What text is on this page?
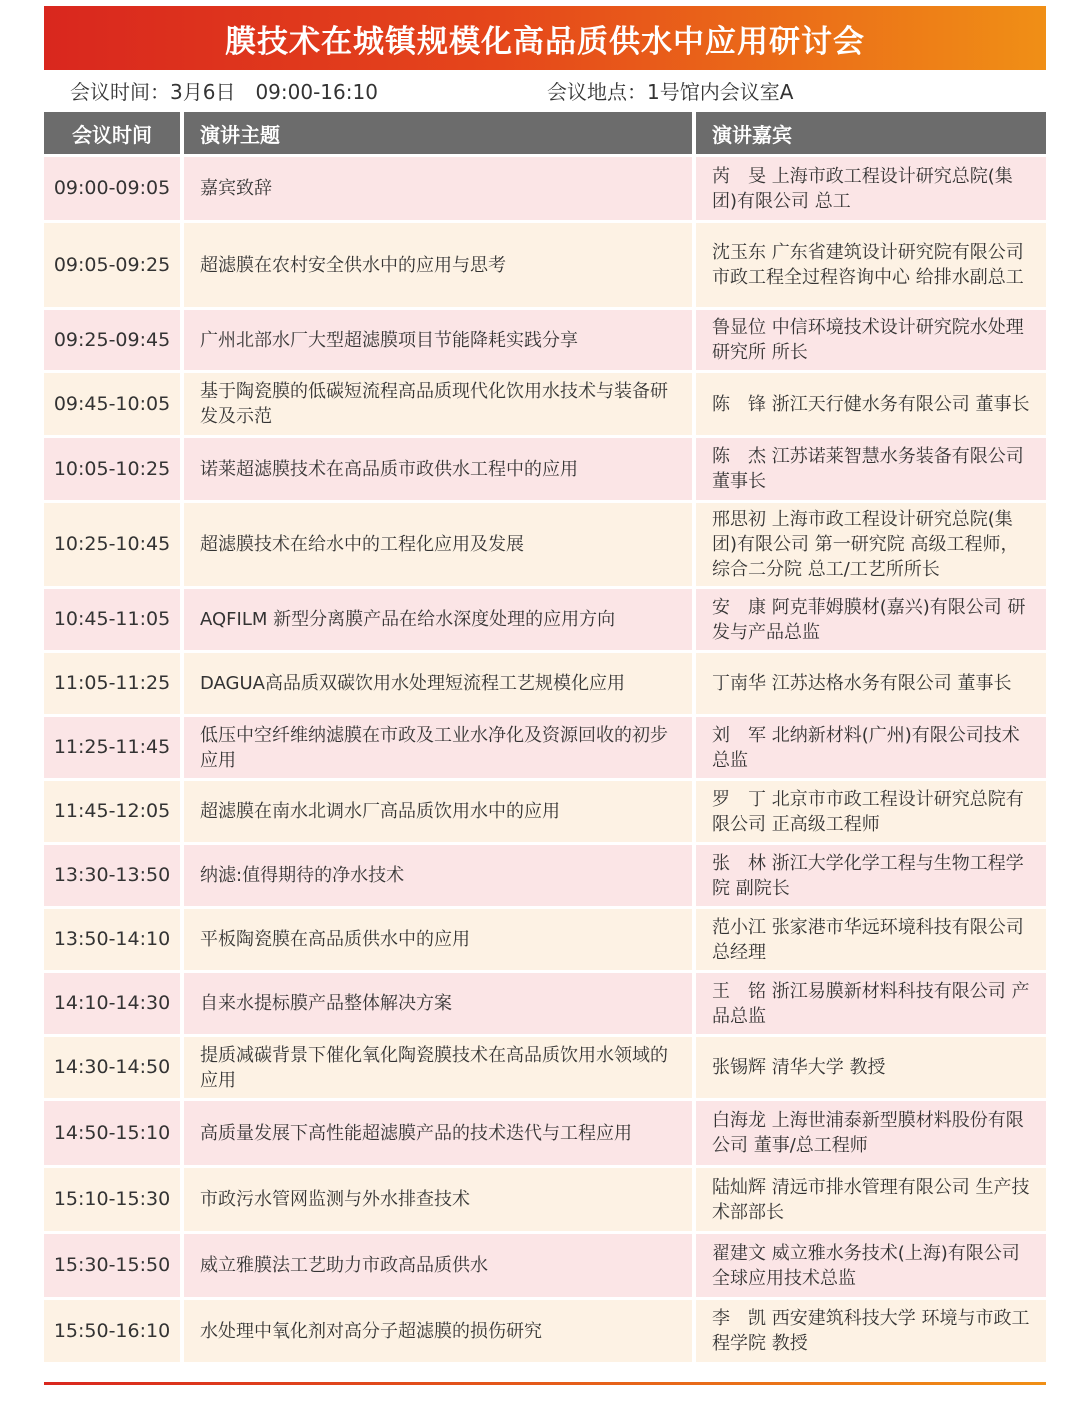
膜技术在城镇规模化高品质供水中应用研讨会
会议时间：3月6日　09:00-16:10	会议地点：1号馆内会议室A
会议时间	演讲主题	演讲嘉宾
09:00-09:05	嘉宾致辞	芮　旻 上海市政工程设计研究总院(集团)有限公司 总工
09:05-09:25	超滤膜在农村安全供水中的应用与思考	沈玉东 广东省建筑设计研究院有限公司市政工程全过程咨询中心 给排水副总工
09:25-09:45	广州北部水厂大型超滤膜项目节能降耗实践分享	鲁显位 中信环境技术设计研究院水处理研究所 所长
09:45-10:05	基于陶瓷膜的低碳短流程高品质现代化饮用水技术与装备研发及示范	陈　锋 浙江天行健水务有限公司 董事长
10:05-10:25	诺莱超滤膜技术在高品质市政供水工程中的应用	陈　杰 江苏诺莱智慧水务装备有限公司 董事长
10:25-10:45	超滤膜技术在给水中的工程化应用及发展	邢思初 上海市政工程设计研究总院(集团)有限公司 第一研究院 高级工程师，综合二分院 总工/工艺所所长
10:45-11:05	AQFILM 新型分离膜产品在给水深度处理的应用方向	安　康 阿克菲姆膜材(嘉兴)有限公司 研发与产品总监
11:05-11:25	DAGUA高品质双碳饮用水处理短流程工艺规模化应用	丁南华 江苏达格水务有限公司 董事长
11:25-11:45	低压中空纤维纳滤膜在市政及工业水净化及资源回收的初步应用	刘　军 北纳新材料(广州)有限公司技术总监
11:45-12:05	超滤膜在南水北调水厂高品质饮用水中的应用	罗　丁 北京市市政工程设计研究总院有限公司 正高级工程师
13:30-13:50	纳滤:值得期待的净水技术	张　林 浙江大学化学工程与生物工程学院 副院长
13:50-14:10	平板陶瓷膜在高品质供水中的应用	范小江 张家港市华远环境科技有限公司 总经理
14:10-14:30	自来水提标膜产品整体解决方案	王　铭 浙江易膜新材料科技有限公司 产品总监
14:30-14:50	提质减碳背景下催化氧化陶瓷膜技术在高品质饮用水领域的应用	张锡辉 清华大学 教授
14:50-15:10	高质量发展下高性能超滤膜产品的技术迭代与工程应用	白海龙 上海世浦泰新型膜材料股份有限公司 董事/总工程师
15:10-15:30	市政污水管网监测与外水排查技术	陆灿辉 清远市排水管理有限公司 生产技术部部长
15:30-15:50	威立雅膜法工艺助力市政高品质供水	翟建文 威立雅水务技术(上海)有限公司 全球应用技术总监
15:50-16:10	水处理中氧化剂对高分子超滤膜的损伤研究	李　凯 西安建筑科技大学 环境与市政工程学院 教授
